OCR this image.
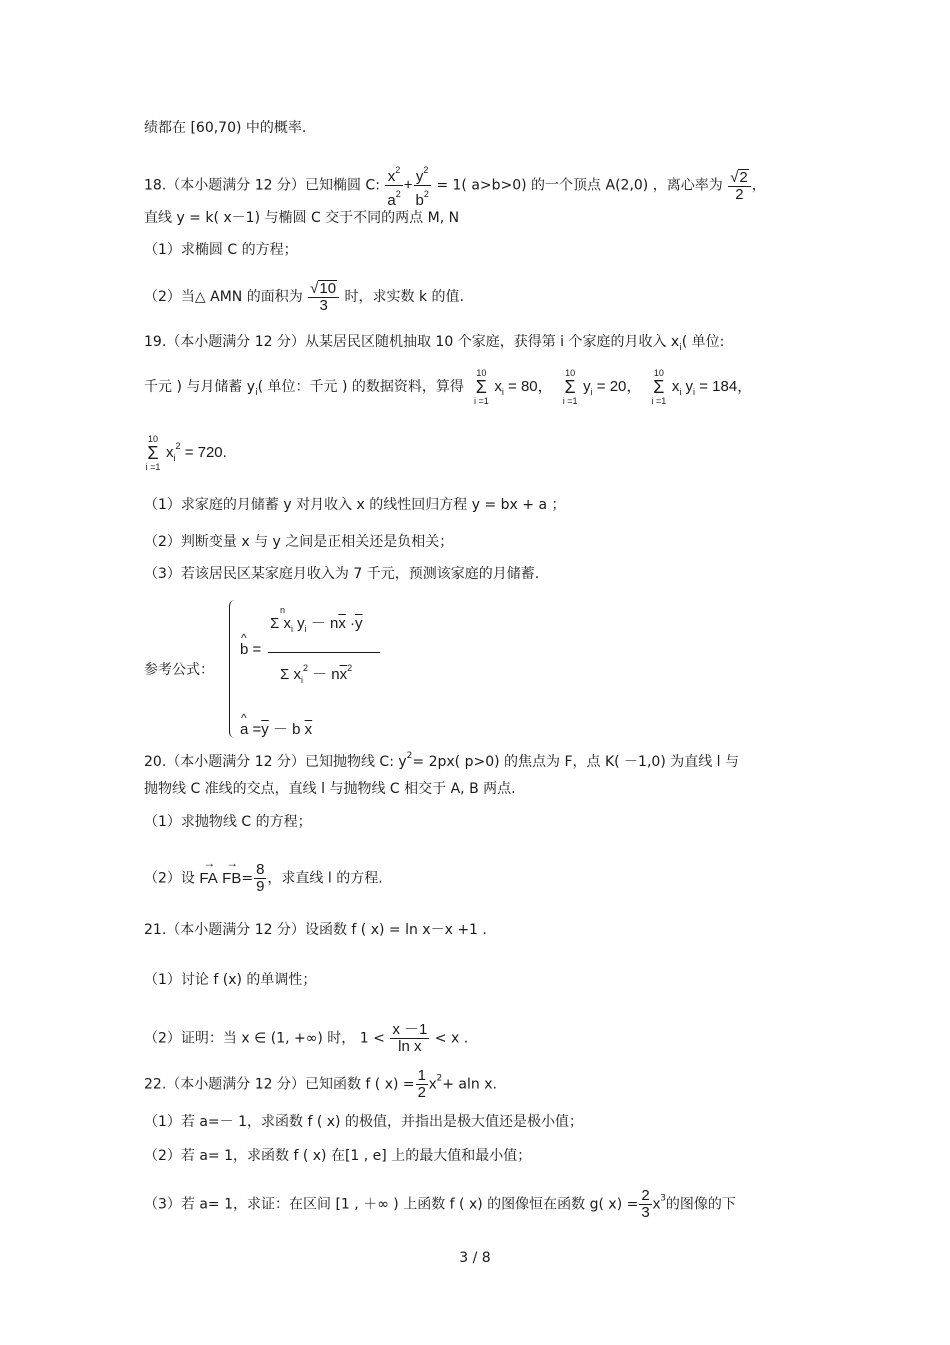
绩都在 [60,70) 中的概率.
18.（本小题满分 12 分）已知椭圆 C: $\frac{x^2}{a^2} + \frac{y^2}{b^2} = 1$( a>b>0) 的一个顶点 A(2,0) ，离心率为 $\frac{√2}{2}$ ，
直线 y = k( x－1) 与椭圆 C 交于不同的两点 M, N
（1）求椭圆 C 的方程；
（2）当△ AMN 的面积为 $\frac{√10}{3}$ 时，求实数 k 的值.
19.（本小题满分 12 分）从某居民区随机抽取 10 个家庭，获得第 i 个家庭的月收入 $x_i$( 单位:
千元 ) 与月储蓄 $y_i$( 单位：千元 ) 的数据资料，算得
10
Σ
i =1
$x_i = 80$，
10
Σ
i =1
$y_i = 20$，
10
Σ
i =1
$x_i$ $y_i = 184$，
10
Σ
i =1
$x_i^2 = 720$.
（1）求家庭的月储蓄 y 对月收入 x 的线性回归方程 y = bx + a ；
（2）判断变量 x 与 y 之间是正相关还是负相关；
（3）若该居民区某家庭月收入为 7 千元，预测该家庭的月储蓄.
参考公式：
^ b =
n
Σ $x_i$ $y_i - n\overline{x} \cdot\overline{y}$
Σ $x_i^2 - n\overline{x}^2$
^ $a =\overline{y} - b$ $\overline{x}$
20.（本小题满分 12 分）已知抛物线 C: $y^2= 2px$( p>0) 的焦点为 F，点 K( －1,0) 为直线 l 与
抛物线 C 准线的交点，直线 l 与抛物线 C 相交于 A, B 两点.
（1）求抛物线 C 的方程；
（2）设 → FA → $FB= \frac{8}{9}$ ，求直线 l 的方程.
21.（本小题满分 12 分）设函数 f ( x) = ln x－x +1 .
（1）讨论 f (x) 的单调性；
（2）证明：当 x ∈ (1, +∞) 时， $1 < \frac{x -1}{\text{ln x}} < x$ .
22.（本小题满分 12 分）已知函数 f ( $x) = \frac{1}{2} x^2+ aln$ x.
（1）若 a=－ 1，求函数 f ( x) 的极值，并指出是极大值还是极小值；
（2）若 a= 1，求函数 f ( x) 在[1 , e] 上的最大值和最小值；
（3）若 a= 1，求证：在区间 [1 , ＋∞ ) 上函数 f ( x) 的图像恒在函数 g( $x) = \frac{2}{3} x^3$的图像的下
3 / 8
